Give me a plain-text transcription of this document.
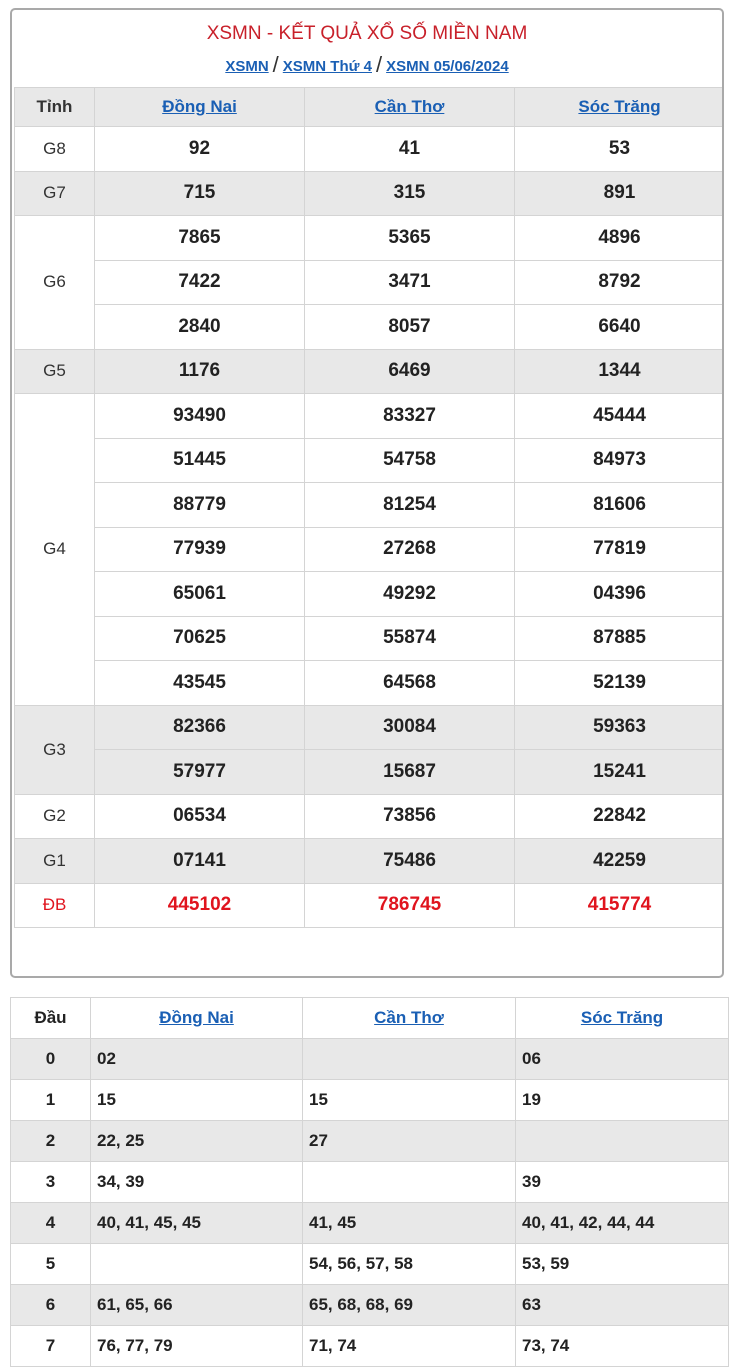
XSMN - KẾT QUẢ XỔ SỐ MIỀN NAM
XSMN / XSMN Thứ 4 / XSMN 05/06/2024
Tỉnh	Đồng Nai	Cần Thơ	Sóc Trăng
G8	92	41	53
G7	715	315	891
G6	7865	5365	4896
	7422	3471	8792
	2840	8057	6640
G5	1176	6469	1344
G4	93490	83327	45444
	51445	54758	84973
	88779	81254	81606
	77939	27268	77819
	65061	49292	04396
	70625	55874	87885
	43545	64568	52139
G3	82366	30084	59363
	57977	15687	15241
G2	06534	73856	22842
G1	07141	75486	42259
ĐB	445102	786745	415774
Đầu	Đồng Nai	Cần Thơ	Sóc Trăng
0	02		06
1	15	15	19
2	22, 25	27	
3	34, 39		39
4	40, 41, 45, 45	41, 45	40, 41, 42, 44, 44
5		54, 56, 57, 58	53, 59
6	61, 65, 66	65, 68, 68, 69	63
7	76, 77, 79	71, 74	73, 74
